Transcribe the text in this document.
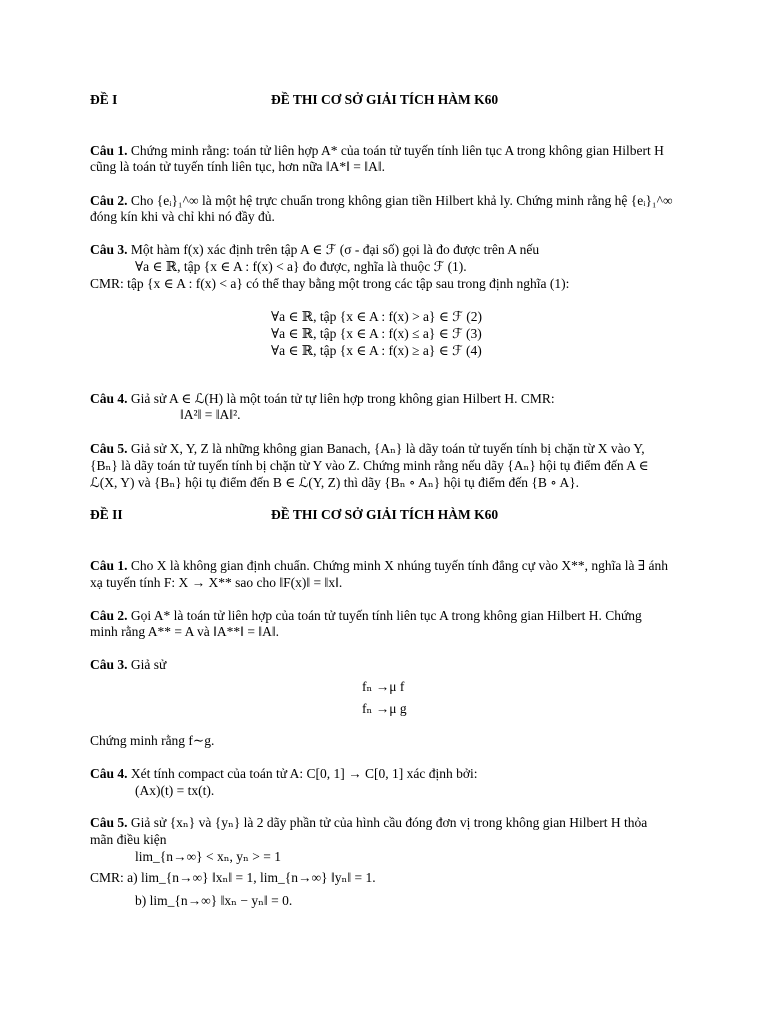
ĐỀ I	ĐỀ THI CƠ SỞ GIẢI TÍCH HÀM K60
Câu 1. Chứng minh rằng: toán tử liên hợp A* của toán tử tuyến tính liên tục A trong không gian Hilbert H
cũng là toán tử tuyến tính liên tục, hơn nữa ‖A*‖ = ‖A‖.
Câu 2. Cho {eᵢ}₁^∞ là một hệ trực chuẩn trong không gian tiền Hilbert khả ly. Chứng minh rằng hệ {eᵢ}₁^∞
đóng kín khi và chỉ khi nó đầy đủ.
Câu 3. Một hàm f(x) xác định trên tập A ∈ ℱ (σ - đại số) gọi là đo được trên A nếu
∀a ∈ ℝ, tập {x ∈ A : f(x) < a} đo được, nghĩa là thuộc ℱ (1).
CMR: tập {x ∈ A : f(x) < a} có thể thay bằng một trong các tập sau trong định nghĩa (1):
∀a ∈ ℝ, tập {x ∈ A : f(x) > a} ∈ ℱ (2)
∀a ∈ ℝ, tập {x ∈ A : f(x) ≤ a} ∈ ℱ (3)
∀a ∈ ℝ, tập {x ∈ A : f(x) ≥ a} ∈ ℱ (4)
Câu 4. Giả sử A ∈ ℒ(H) là một toán tử tự liên hợp trong không gian Hilbert H. CMR:
‖A²‖ = ‖A‖².
Câu 5. Giả sử X, Y, Z là những không gian Banach, {Aₙ} là dãy toán tử tuyến tính bị chặn từ X vào Y,
{Bₙ} là dãy toán tử tuyến tính bị chặn từ Y vào Z. Chứng minh rằng nếu dãy {Aₙ} hội tụ điểm đến A ∈
ℒ(X, Y) và {Bₙ} hội tụ điểm đến B ∈ ℒ(Y, Z) thì dãy {Bₙ ∘ Aₙ} hội tụ điểm đến {B ∘ A}.
ĐỀ II	ĐỀ THI CƠ SỞ GIẢI TÍCH HÀM K60
Câu 1. Cho X là không gian định chuẩn. Chứng minh X nhúng tuyến tính đẳng cự vào X**, nghĩa là ∃ ánh
xạ tuyến tính F: X → X** sao cho ‖F(x)‖ = ‖x‖.
Câu 2. Gọi A* là toán tử liên hợp của toán tử tuyến tính liên tục A trong không gian Hilbert H. Chứng
minh rằng A** = A và ‖A**‖ = ‖A‖.
Câu 3. Giả sử
fₙ →μ f
fₙ →μ g
Chứng minh rằng f∼g.
Câu 4. Xét tính compact của toán tử A: C[0, 1] → C[0, 1] xác định bởi:
(Ax)(t) = tx(t).
Câu 5. Giả sử {xₙ} và {yₙ} là 2 dãy phần tử của hình cầu đóng đơn vị trong không gian Hilbert H thỏa
mãn điều kiện
lim_{n→∞} < xₙ, yₙ > = 1
CMR: a) lim_{n→∞} ‖xₙ‖ = 1, lim_{n→∞} ‖yₙ‖ = 1.
b) lim_{n→∞} ‖xₙ − yₙ‖ = 0.
